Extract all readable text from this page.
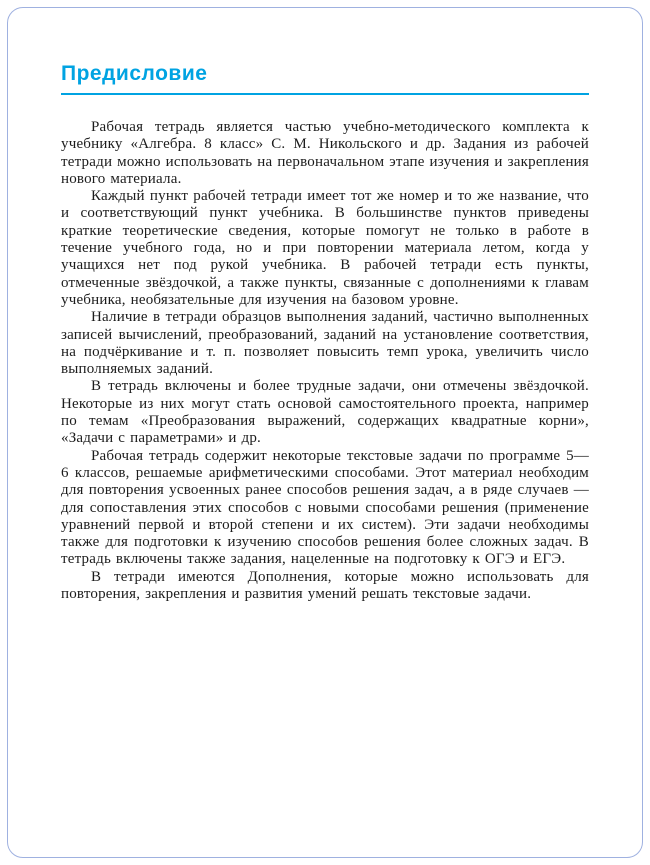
Предисловие

Рабочая тетрадь является частью учебно-методического комплекта к учебнику «Алгебра. 8 класс» С. М. Никольского и др. Задания из рабочей тетради можно использовать на первоначальном этапе изучения и закрепления нового материала.

Каждый пункт рабочей тетради имеет тот же номер и то же название, что и соответствующий пункт учебника. В большинстве пунктов приведены краткие теоретические сведения, которые помогут не только в работе в течение учебного года, но и при повторении материала летом, когда у учащихся нет под рукой учебника. В рабочей тетради есть пункты, отмеченные звёздочкой, а также пункты, связанные с дополнениями к главам учебника, необязательные для изучения на базовом уровне.

Наличие в тетради образцов выполнения заданий, частично выполненных записей вычислений, преобразований, заданий на установление соответствия, на подчёркивание и т. п. позволяет повысить темп урока, увеличить число выполняемых заданий.

В тетрадь включены и более трудные задачи, они отмечены звёздочкой. Некоторые из них могут стать основой самостоятельного проекта, например по темам «Преобразования выражений, содержащих квадратные корни», «Задачи с параметрами» и др.

Рабочая тетрадь содержит некоторые текстовые задачи по программе 5—6 классов, решаемые арифметическими способами. Этот материал необходим для повторения усвоенных ранее способов решения задач, а в ряде случаев — для сопоставления этих способов с новыми способами решения (применение уравнений первой и второй степени и их систем). Эти задачи необходимы также для подготовки к изучению способов решения более сложных задач. В тетрадь включены также задания, нацеленные на подготовку к ОГЭ и ЕГЭ.

В тетради имеются Дополнения, которые можно использовать для повторения, закрепления и развития умений решать текстовые задачи.
